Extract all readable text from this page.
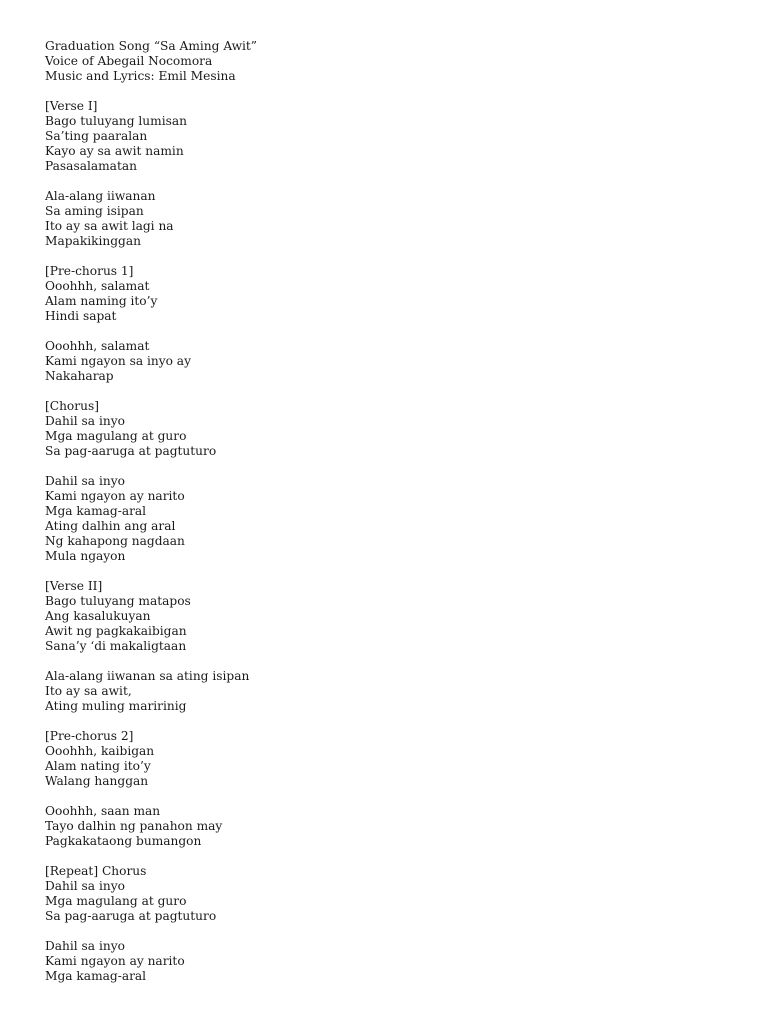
Graduation Song “Sa Aming Awit”
Voice of Abegail Nocomora
Music and Lyrics: Emil Mesina
[Verse I]
Bago tuluyang lumisan
Sa’ting paaralan
Kayo ay sa awit namin
Pasasalamatan
Ala-alang iiwanan
Sa aming isipan
Ito ay sa awit lagi na
Mapakikinggan
[Pre-chorus 1]
Ooohhh, salamat
Alam naming ito’y
Hindi sapat
Ooohhh, salamat
Kami ngayon sa inyo ay
Nakaharap
[Chorus]
Dahil sa inyo
Mga magulang at guro
Sa pag-aaruga at pagtuturo
Dahil sa inyo
Kami ngayon ay narito
Mga kamag-aral
Ating dalhin ang aral
Ng kahapong nagdaan
Mula ngayon
[Verse II]
Bago tuluyang matapos
Ang kasalukuyan
Awit ng pagkakaibigan
Sana’y ‘di makaligtaan
Ala-alang iiwanan sa ating isipan
Ito ay sa awit,
Ating muling maririnig
[Pre-chorus 2]
Ooohhh, kaibigan
Alam nating ito’y
Walang hanggan
Ooohhh, saan man
Tayo dalhin ng panahon may
Pagkakataong bumangon
[Repeat] Chorus
Dahil sa inyo
Mga magulang at guro
Sa pag-aaruga at pagtuturo
Dahil sa inyo
Kami ngayon ay narito
Mga kamag-aral
